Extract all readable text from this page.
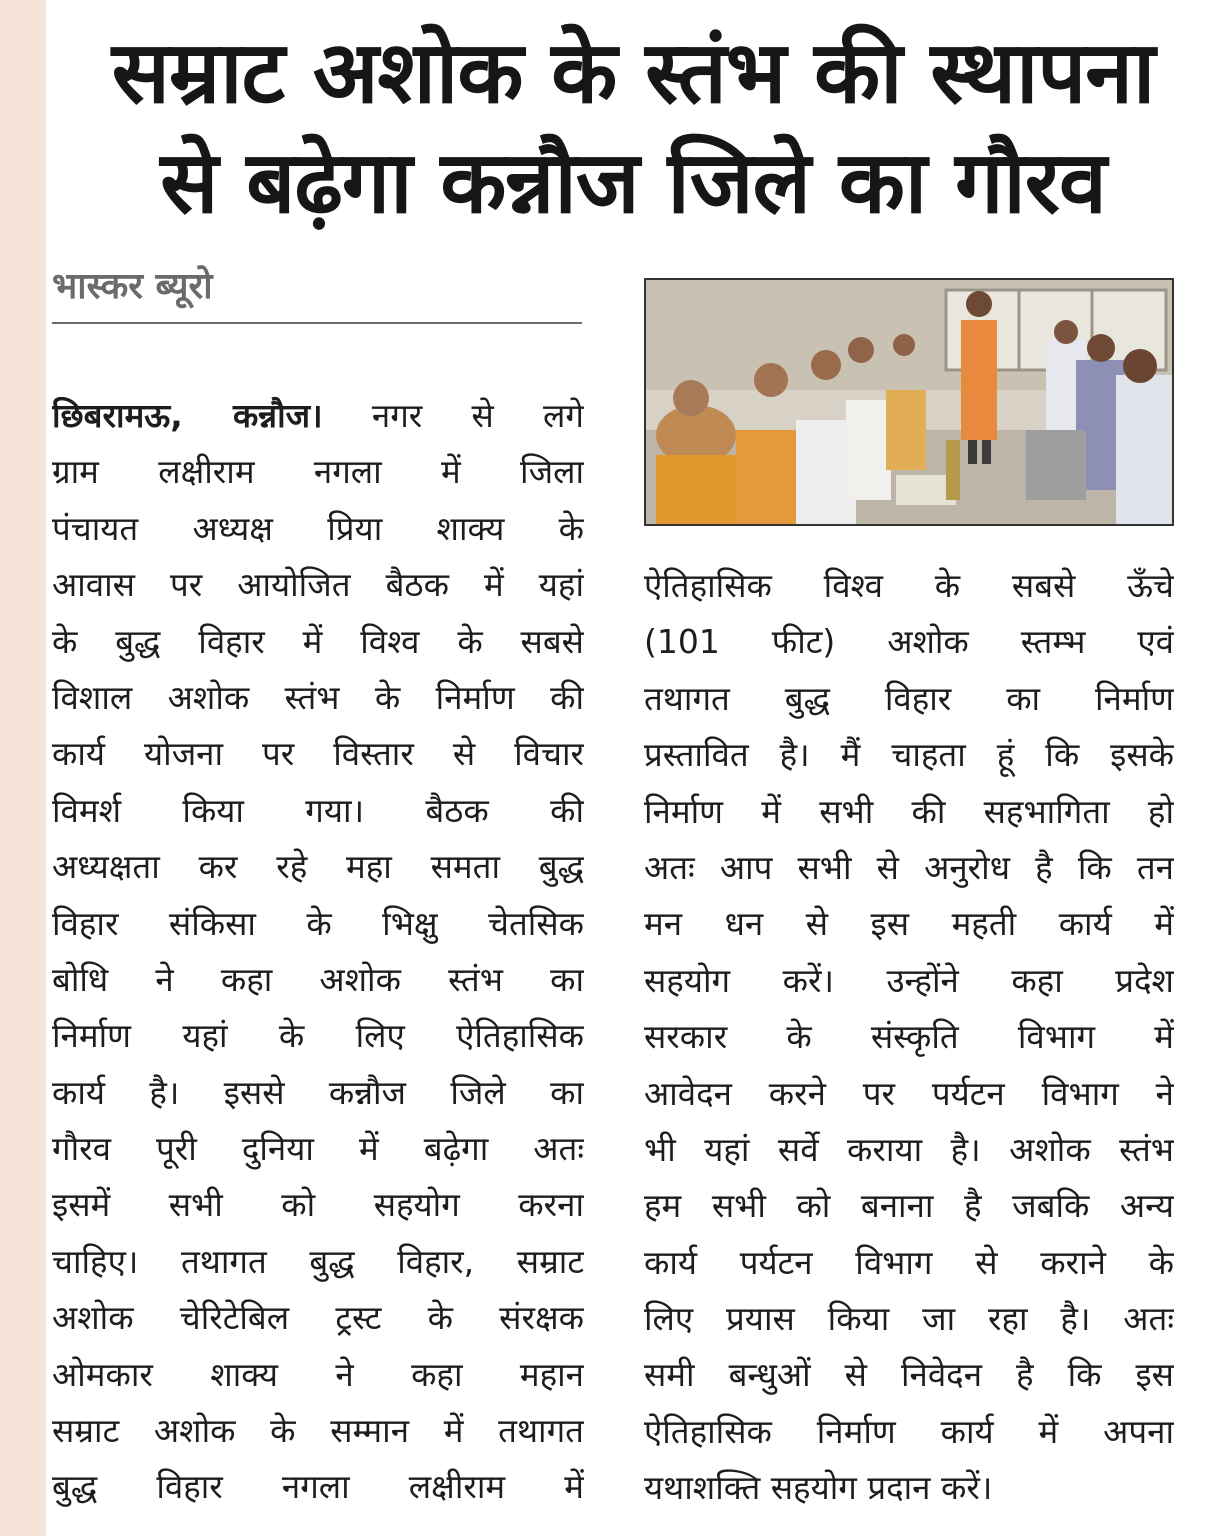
सम्राट अशोक के स्तंभ की स्थापना
से बढ़ेगा कन्नौज जिले का गौरव
भास्कर ब्यूरो
छिबरामऊ, कन्नौज। नगर से लगे
ग्राम लक्षीराम नगला में जिला
पंचायत अध्यक्ष प्रिया शाक्य के
आवास पर आयोजित बैठक में यहां
के बुद्ध विहार में विश्व के सबसे
विशाल अशोक स्तंभ के निर्माण की
कार्य योजना पर विस्तार से विचार
विमर्श किया गया। बैठक की
अध्यक्षता कर रहे महा समता बुद्ध
विहार संकिसा के भिक्षु चेतसिक
बोधि ने कहा अशोक स्तंभ का
निर्माण यहां के लिए ऐतिहासिक
कार्य है। इससे कन्नौज जिले का
गौरव पूरी दुनिया में बढ़ेगा अतः
इसमें सभी को सहयोग करना
चाहिए। तथागत बुद्ध विहार, सम्राट
अशोक चेरिटेबिल ट्रस्ट के संरक्षक
ओमकार शाक्य ने कहा महान
सम्राट अशोक के सम्मान में तथागत
बुद्ध विहार नगला लक्षीराम में
ऐतिहासिक विश्व के सबसे ऊँचे
(101 फीट) अशोक स्तम्भ एवं
तथागत बुद्ध विहार का निर्माण
प्रस्तावित है। मैं चाहता हूं कि इसके
निर्माण में सभी की सहभागिता हो
अतः आप सभी से अनुरोध है कि तन
मन धन से इस महती कार्य में
सहयोग करें। उन्होंने कहा प्रदेश
सरकार के संस्कृति विभाग में
आवेदन करने पर पर्यटन विभाग ने
भी यहां सर्वे कराया है। अशोक स्तंभ
हम सभी को बनाना है जबकि अन्य
कार्य पर्यटन विभाग से कराने के
लिए प्रयास किया जा रहा है। अतः
समी बन्धुओं से निवेदन है कि इस
ऐतिहासिक निर्माण कार्य में अपना
यथाशक्ति सहयोग प्रदान करें।
